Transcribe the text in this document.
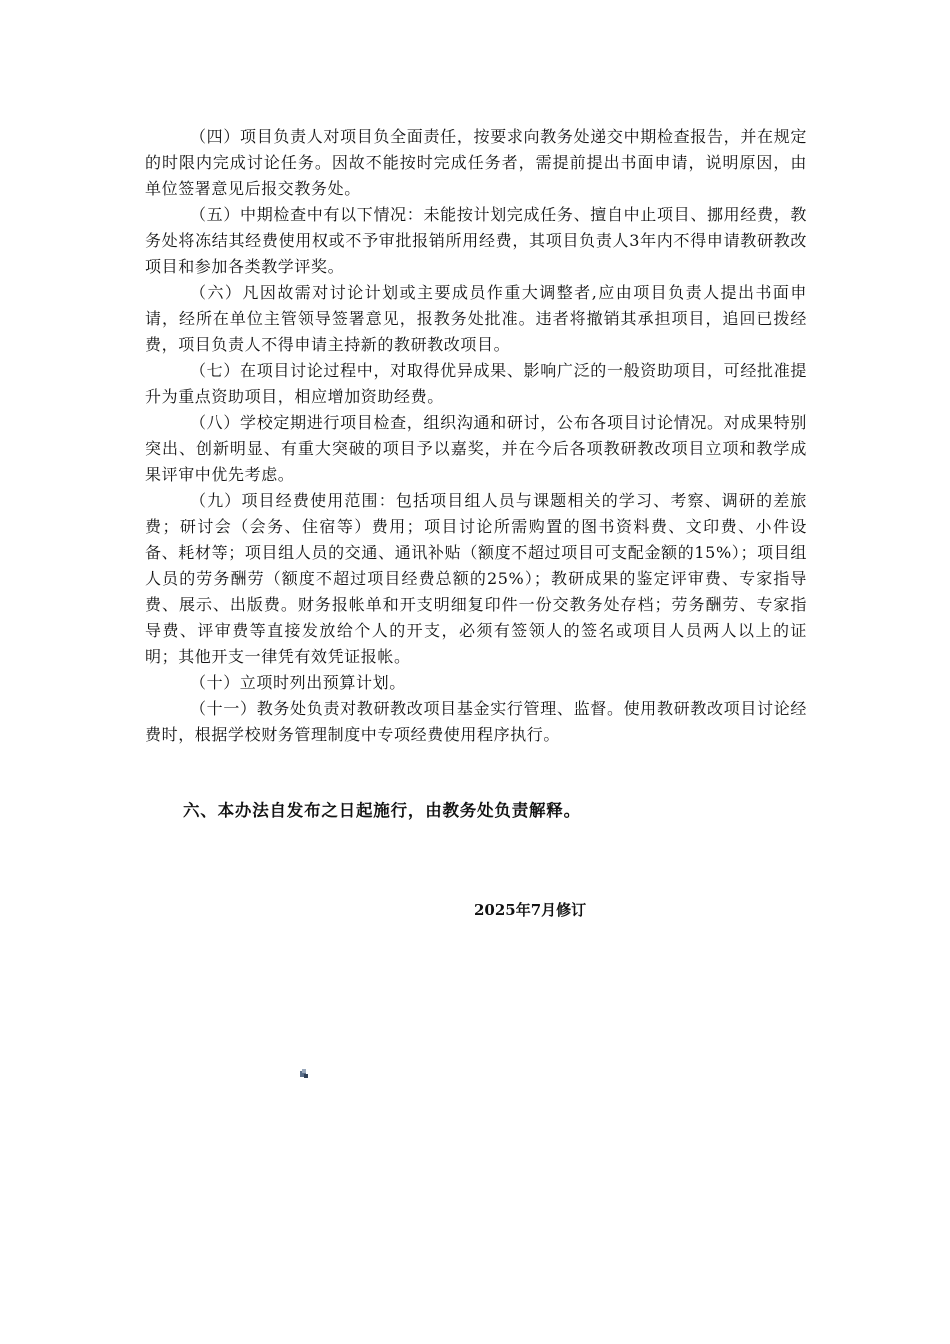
（四）项目负责人对项目负全面责任，按要求向教务处递交中期检查报告，并在规定的时限内完成讨论任务。因故不能按时完成任务者，需提前提出书面申请，说明原因，由单位签署意见后报交教务处。

（五）中期检查中有以下情况：未能按计划完成任务、擅自中止项目、挪用经费，教务处将冻结其经费使用权或不予审批报销所用经费，其项目负责人3年内不得申请教研教改项目和参加各类教学评奖。

（六）凡因故需对讨论计划或主要成员作重大调整者,应由项目负责人提出书面申请，经所在单位主管领导签署意见，报教务处批准。违者将撤销其承担项目，追回已拨经费，项目负责人不得申请主持新的教研教改项目。

（七）在项目讨论过程中，对取得优异成果、影响广泛的一般资助项目，可经批准提升为重点资助项目，相应增加资助经费。

（八）学校定期进行项目检查，组织沟通和研讨，公布各项目讨论情况。对成果特别突出、创新明显、有重大突破的项目予以嘉奖，并在今后各项教研教改项目立项和教学成果评审中优先考虑。

（九）项目经费使用范围：包括项目组人员与课题相关的学习、考察、调研的差旅费；研讨会（会务、住宿等）费用；项目讨论所需购置的图书资料费、文印费、小件设备、耗材等；项目组人员的交通、通讯补贴（额度不超过项目可支配金额的15%）；项目组人员的劳务酬劳（额度不超过项目经费总额的25%）；教研成果的鉴定评审费、专家指导费、展示、出版费。财务报帐单和开支明细复印件一份交教务处存档；劳务酬劳、专家指导费、评审费等直接发放给个人的开支，必须有签领人的签名或项目人员两人以上的证明；其他开支一律凭有效凭证报帐。

（十）立项时列出预算计划。

（十一）教务处负责对教研教改项目基金实行管理、监督。使用教研教改项目讨论经费时，根据学校财务管理制度中专项经费使用程序执行。

六、本办法自发布之日起施行，由教务处负责解释。
2025年7月修订
